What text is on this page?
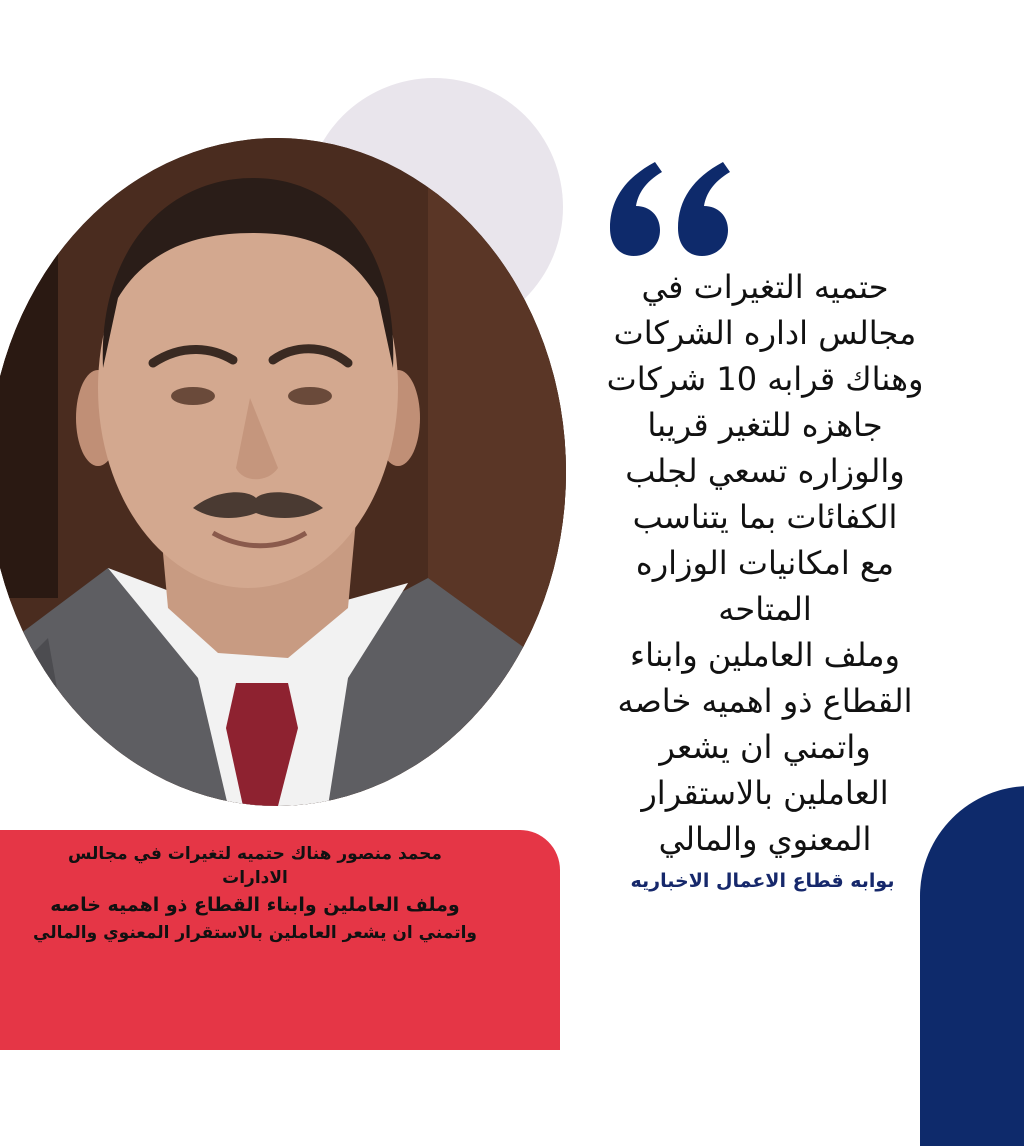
حتميه التغيرات في
مجالس اداره الشركات
وهناك قرابه 10 شركات
جاهزه للتغير قريبا
والوزاره تسعي لجلب
الكفائات بما يتناسب
مع امكانيات الوزاره
المتاحه
وملف العاملين وابناء
القطاع ذو اهميه خاصه
واتمني ان يشعر
العاملين بالاستقرار
المعنوي والمالي

بوابه قطاع الاعمال الاخباريه
محمد منصور هناك حتميه لتغيرات في مجالس
الادارات
وملف العاملين وابناء القطاع ذو اهميه خاصه
واتمني ان يشعر العاملين بالاستقرار المعنوي والمالي
